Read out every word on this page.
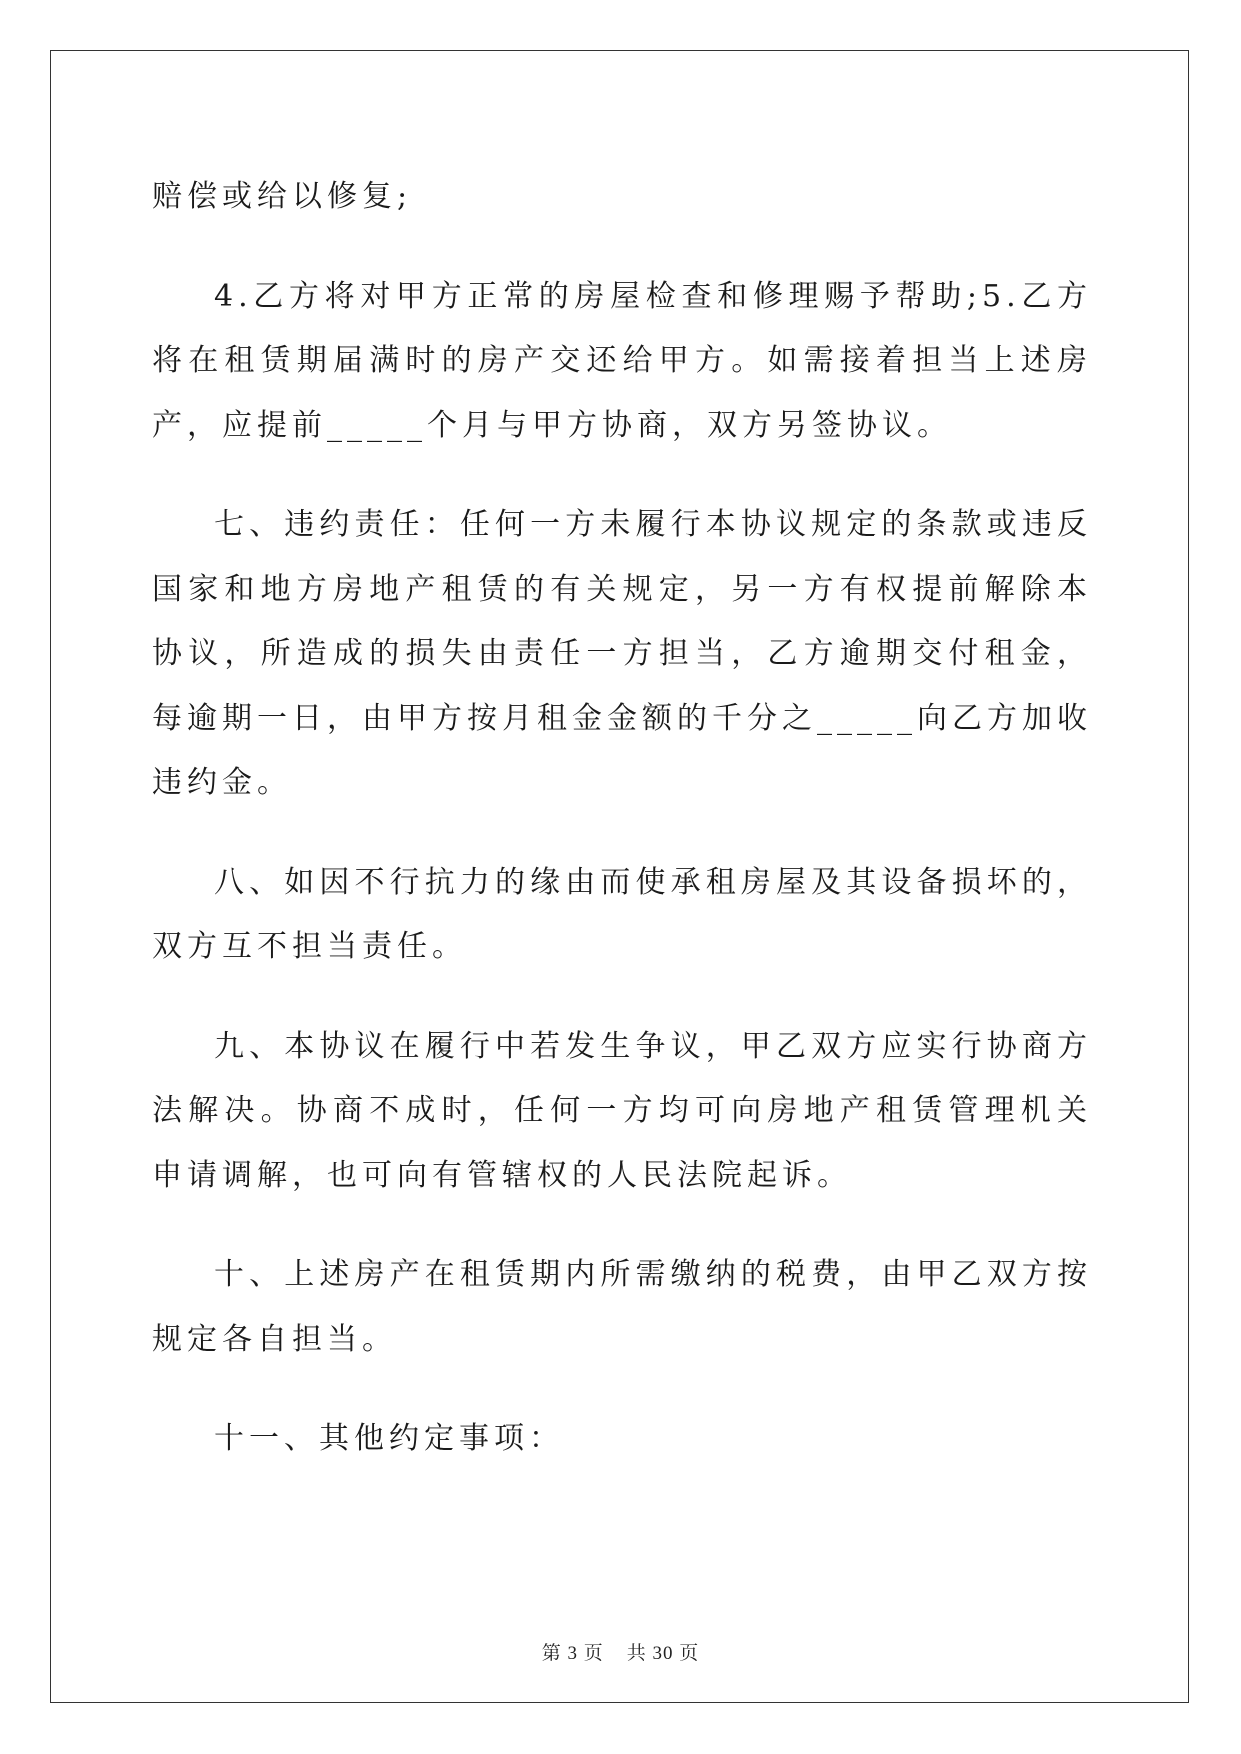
赔偿或给以修复;

4.乙方将对甲方正常的房屋检查和修理赐予帮助;5.乙方将在租赁期届满时的房产交还给甲方。如需接着担当上述房产，应提前_____个月与甲方协商，双方另签协议。

七、违约责任：任何一方未履行本协议规定的条款或违反国家和地方房地产租赁的有关规定，另一方有权提前解除本协议，所造成的损失由责任一方担当，乙方逾期交付租金，每逾期一日，由甲方按月租金金额的千分之_____向乙方加收违约金。

八、如因不行抗力的缘由而使承租房屋及其设备损坏的，双方互不担当责任。

九、本协议在履行中若发生争议，甲乙双方应实行协商方法解决。协商不成时，任何一方均可向房地产租赁管理机关申请调解，也可向有管辖权的人民法院起诉。

十、上述房产在租赁期内所需缴纳的税费，由甲乙双方按规定各自担当。

十一、其他约定事项：

第 3 页 共 30 页
